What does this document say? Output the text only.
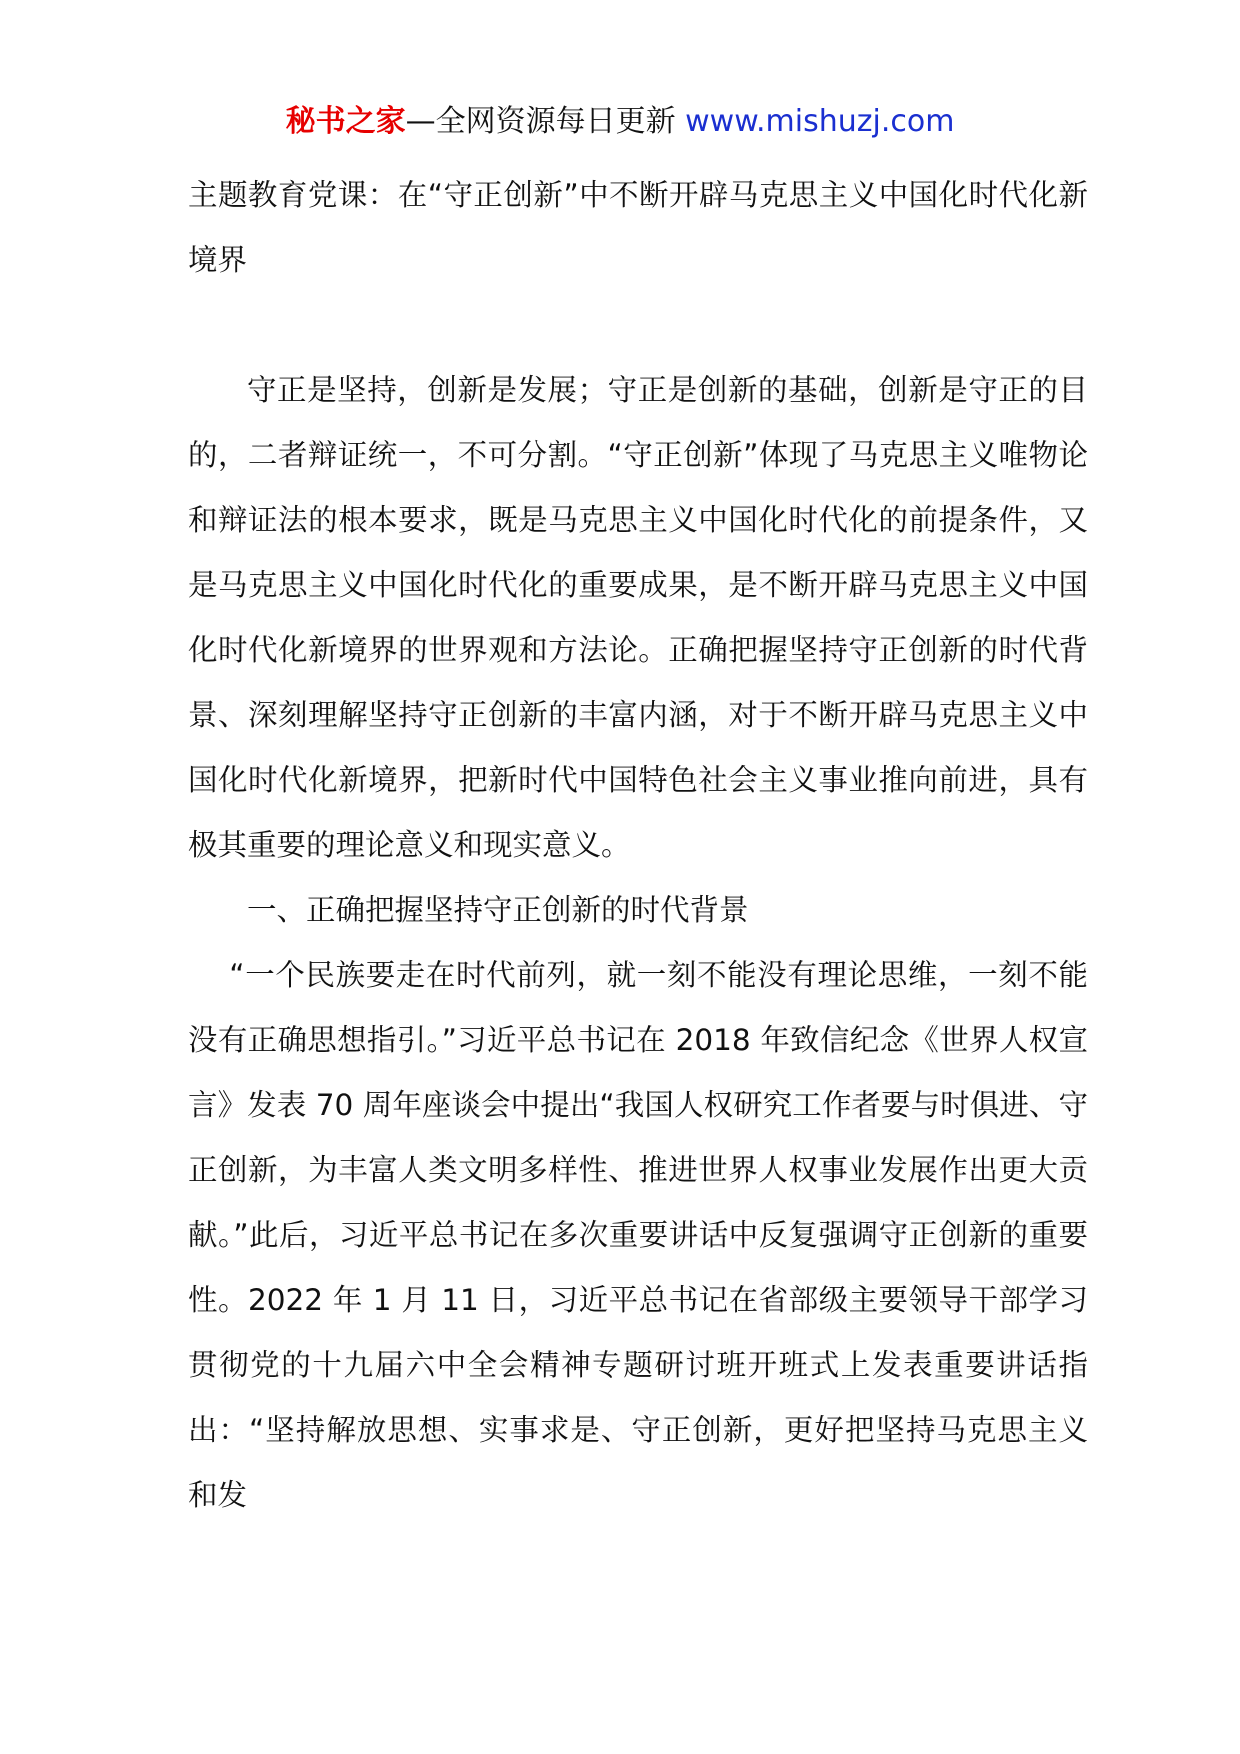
秘书之家—全网资源每日更新 www.mishuzj.com

主题教育党课：在“守正创新”中不断开辟马克思主义中国化时代化新境界

守正是坚持，创新是发展；守正是创新的基础，创新是守正的目的，二者辩证统一，不可分割。“守正创新”体现了马克思主义唯物论和辩证法的根本要求，既是马克思主义中国化时代化的前提条件，又是马克思主义中国化时代化的重要成果，是不断开辟马克思主义中国化时代化新境界的世界观和方法论。正确把握坚持守正创新的时代背景、深刻理解坚持守正创新的丰富内涵，对于不断开辟马克思主义中国化时代化新境界，把新时代中国特色社会主义事业推向前进，具有极其重要的理论意义和现实意义。

一、正确把握坚持守正创新的时代背景

“一个民族要走在时代前列，就一刻不能没有理论思维，一刻不能没有正确思想指引。”习近平总书记在 2018 年致信纪念《世界人权宣言》发表 70 周年座谈会中提出“我国人权研究工作者要与时俱进、守正创新，为丰富人类文明多样性、推进世界人权事业发展作出更大贡献。”此后，习近平总书记在多次重要讲话中反复强调守正创新的重要性。2022 年 1 月 11 日，习近平总书记在省部级主要领导干部学习贯彻党的十九届六中全会精神专题研讨班开班式上发表重要讲话指出：“坚持解放思想、实事求是、守正创新，更好把坚持马克思主义和发
